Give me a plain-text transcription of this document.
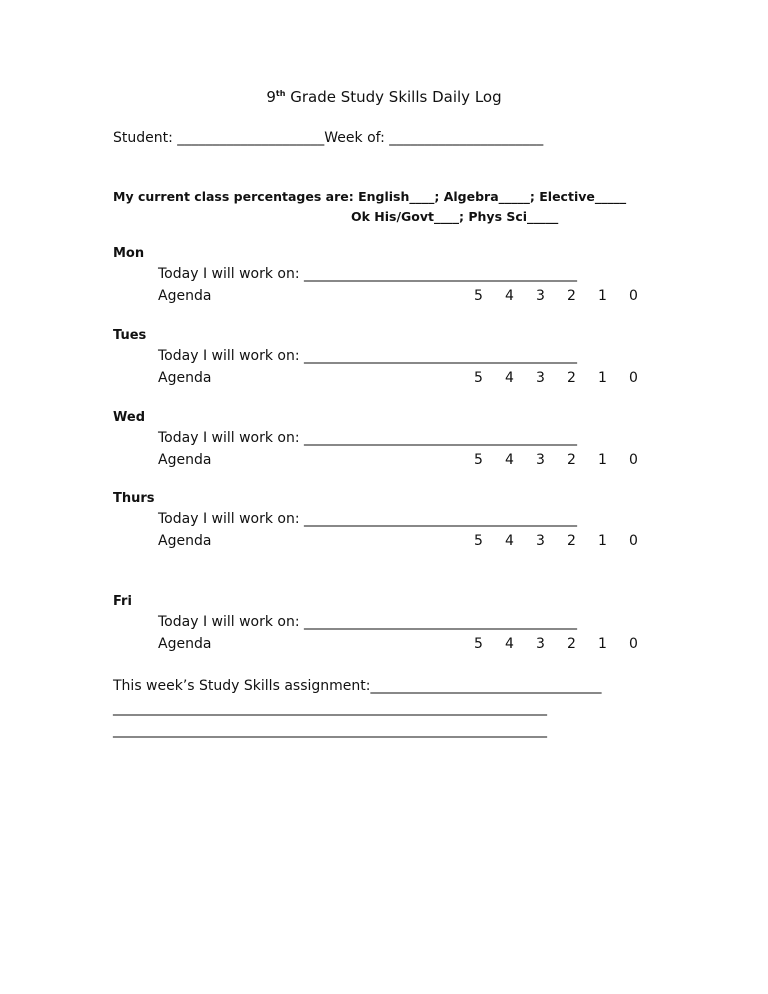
9th Grade Study Skills Daily Log
Student: _____________________Week of: ______________________
My current class percentages are: English____; Algebra_____; Elective_____
Ok His/Govt____; Phys Sci_____
Mon
Today I will work on: _______________________________________
Agenda	5	4	3	2	1	0
Tues
Today I will work on: _______________________________________
Agenda	5	4	3	2	1	0
Wed
Today I will work on: _______________________________________
Agenda	5	4	3	2	1	0
Thurs
Today I will work on: _______________________________________
Agenda	5	4	3	2	1	0
Fri
Today I will work on: _______________________________________
Agenda	5	4	3	2	1	0
This week’s Study Skills assignment:_________________________________
______________________________________________________________
______________________________________________________________
